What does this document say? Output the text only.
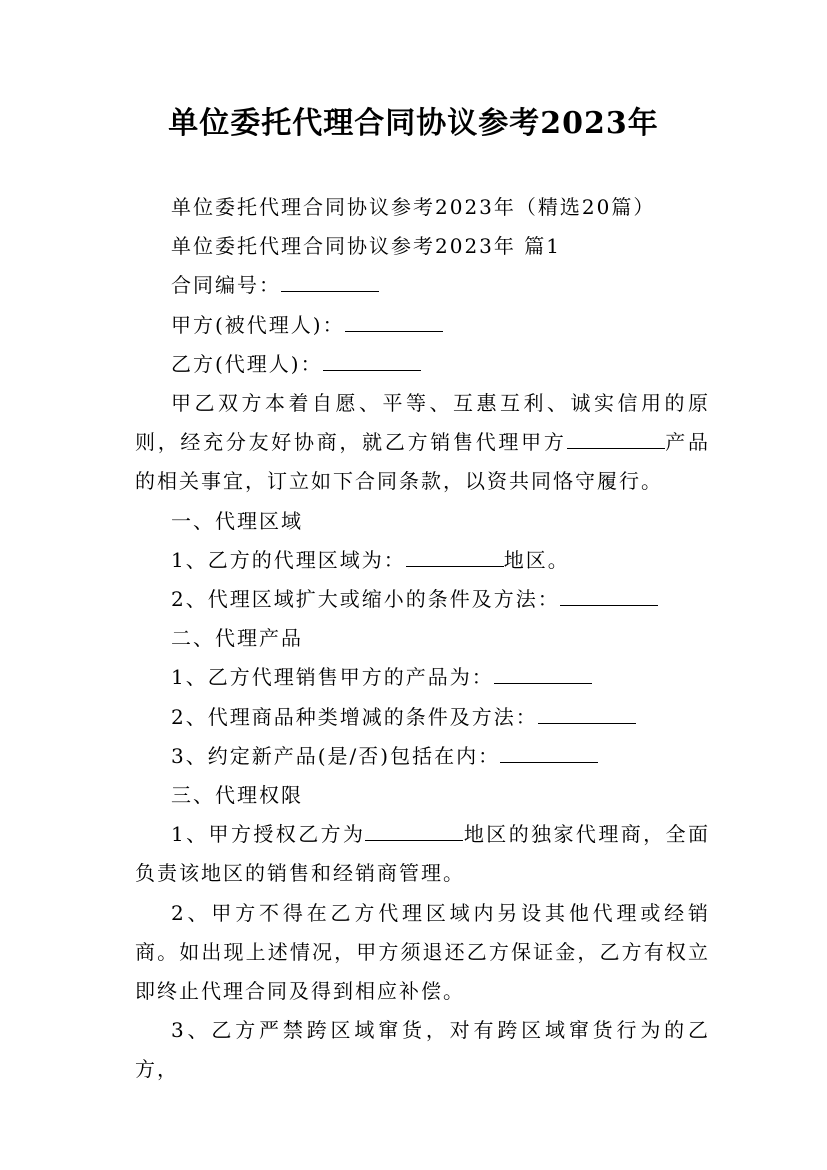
单位委托代理合同协议参考2023年

单位委托代理合同协议参考2023年（精选20篇）

单位委托代理合同协议参考2023年 篇1

合同编号：

甲方(被代理人)：

乙方(代理人)：

甲乙双方本着自愿、平等、互惠互利、诚实信用的原则，经充分友好协商，就乙方销售代理甲方	产品的相关事宜，订立如下合同条款，以资共同恪守履行。

一、代理区域

1、乙方的代理区域为：	地区。

2、代理区域扩大或缩小的条件及方法：

二、代理产品

1、乙方代理销售甲方的产品为：

2、代理商品种类增减的条件及方法：

3、约定新产品(是/否)包括在内：

三、代理权限

1、甲方授权乙方为	地区的独家代理商，全面负责该地区的销售和经销商管理。

2、甲方不得在乙方代理区域内另设其他代理或经销商。如出现上述情况，甲方须退还乙方保证金，乙方有权立即终止代理合同及得到相应补偿。

3、乙方严禁跨区域窜货，对有跨区域窜货行为的乙方，
